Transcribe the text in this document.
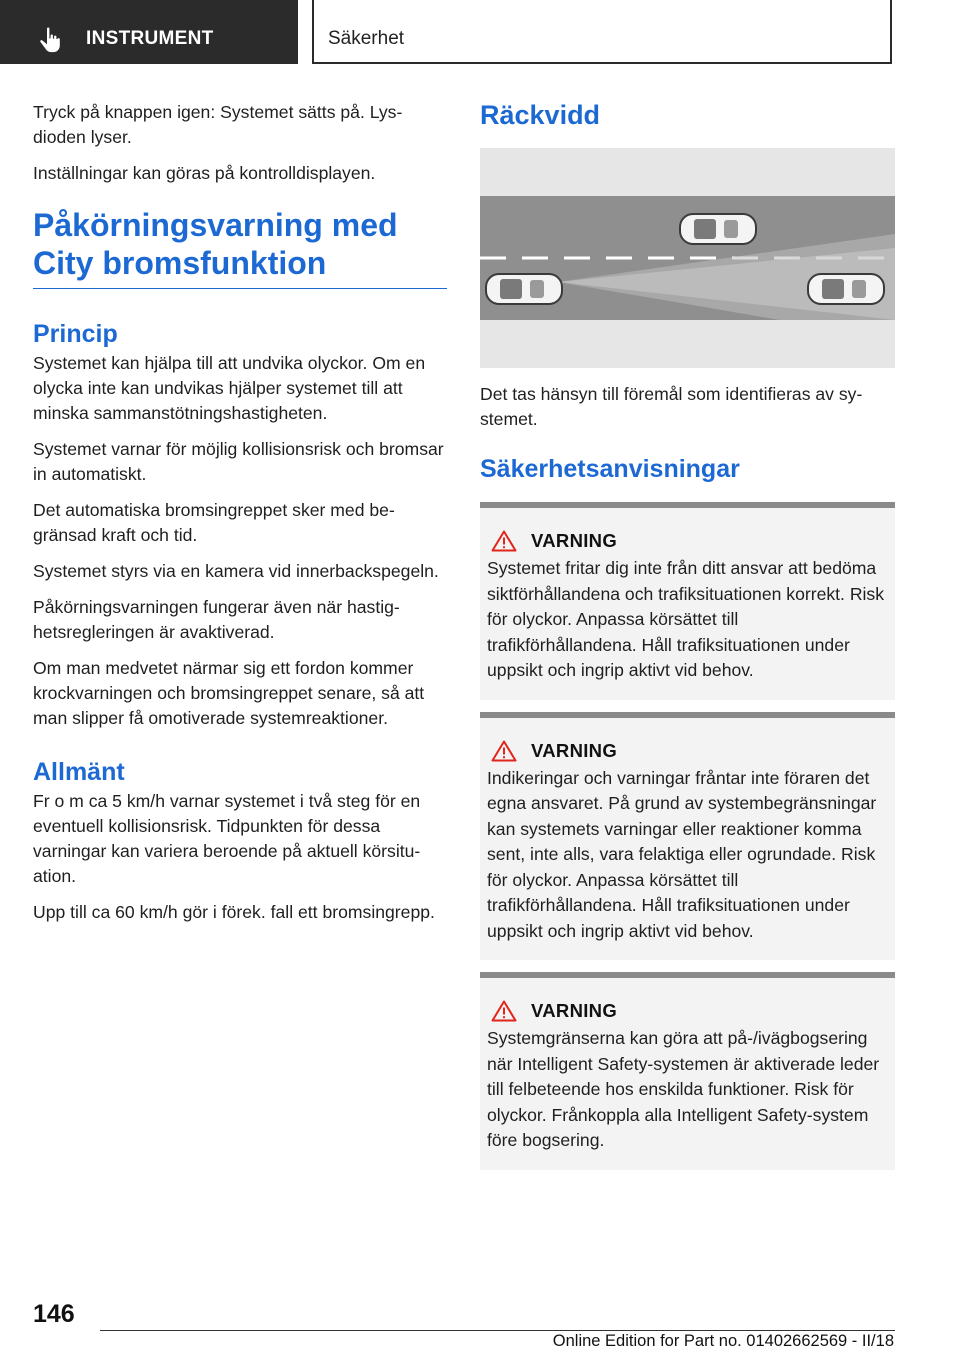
INSTRUMENT	Säkerhet

Tryck på knappen igen: Systemet sätts på. Lysdioden lyser.

Inställningar kan göras på kontrolldisplayen.

Påkörningsvarning med City bromsfunktion
Princip

Systemet kan hjälpa till att undvika olyckor. Om en olycka inte kan undvikas hjälper systemet till att minska sammanstötningshastigheten.

Systemet varnar för möjlig kollisionsrisk och bromsar in automatiskt.

Det automatiska bromsingreppet sker med begränsad kraft och tid.

Systemet styrs via en kamera vid innerbackspegeln.

Påkörningsvarningen fungerar även när hastighetsregleringen är avaktiverad.

Om man medvetet närmar sig ett fordon kommer krockvarningen och bromsingreppet senare, så att man slipper få omotiverade systemreaktioner.

Allmänt

Fr o m ca 5 km/h varnar systemet i två steg för en eventuell kollisionsrisk. Tidpunkten för dessa varningar kan variera beroende på aktuell körsituation.

Upp till ca 60 km/h gör i förek. fall ett bromsingrepp.

Räckvidd

Det tas hänsyn till föremål som identifieras av systemet.

Säkerhetsanvisningar
VARNING

Systemet fritar dig inte från ditt ansvar att bedöma siktförhållandena och trafiksituationen korrekt. Risk för olyckor. Anpassa körsättet till trafikförhållandena. Håll trafiksituationen under uppsikt och ingrip aktivt vid behov.

VARNING

Indikeringar och varningar fråntar inte föraren det egna ansvaret. På grund av systembegränsningar kan systemets varningar eller reaktioner komma sent, inte alls, vara felaktiga eller ogrundade. Risk för olyckor. Anpassa körsättet till trafikförhållandena. Håll trafiksituationen under uppsikt och ingrip aktivt vid behov.

VARNING

Systemgränserna kan göra att på-/ivägbogsering när Intelligent Safety-systemen är aktiverade leder till felbeteende hos enskilda funktioner. Risk för olyckor. Frånkoppla alla Intelligent Safety-system före bogsering.

146
Online Edition for Part no. 01402662569 - II/18
